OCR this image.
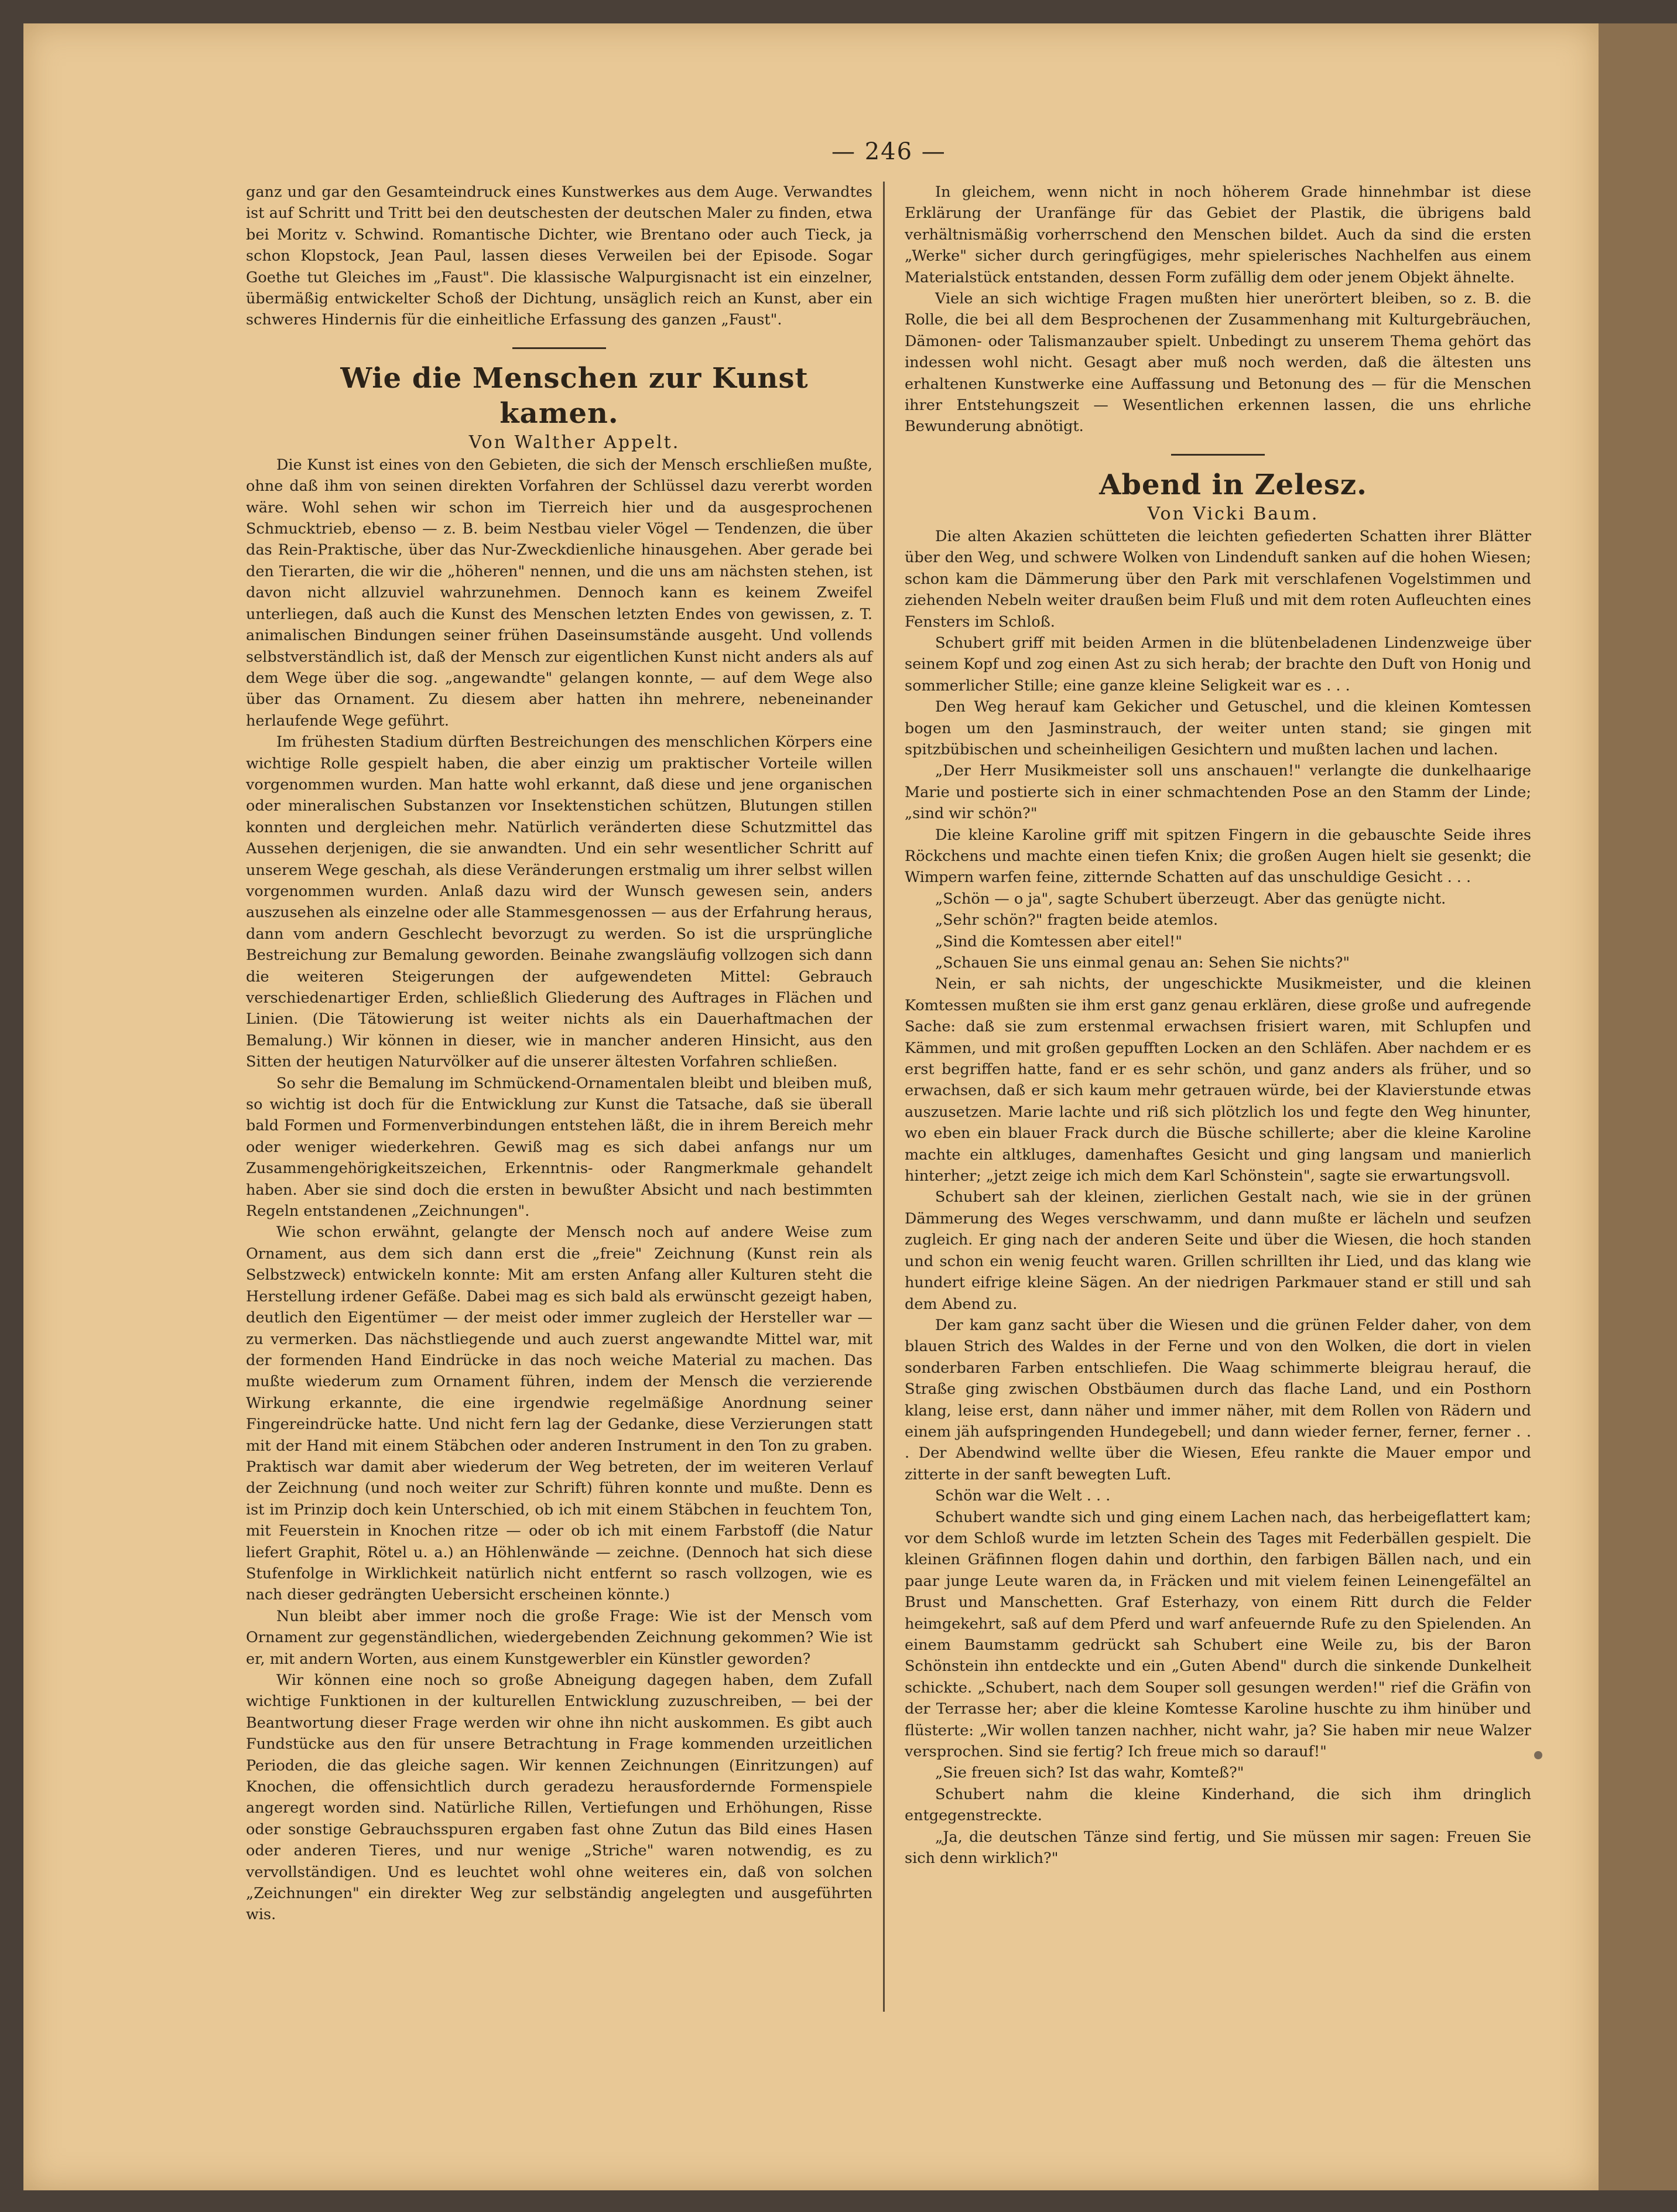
— 246 —

ganz und gar den Gesamteindruck eines Kunstwerkes aus dem Auge. Verwandtes ist auf Schritt und Tritt bei den deutschesten der deutschen Maler zu finden, etwa bei Moritz v. Schwind. Romantische Dichter, wie Brentano oder auch Tieck, ja schon Klopstock, Jean Paul, lassen dieses Verweilen bei der Episode. Sogar Goethe tut Gleiches im „Faust". Die klassische Walpurgisnacht ist ein einzelner, übermäßig entwickelter Schoß der Dichtung, unsäglich reich an Kunst, aber ein schweres Hindernis für die einheitliche Erfassung des ganzen „Faust".

Wie die Menschen zur Kunst kamen.

Von Walther Appelt.

Die Kunst ist eines von den Gebieten, die sich der Mensch erschließen mußte, ohne daß ihm von seinen direkten Vorfahren der Schlüssel dazu vererbt worden wäre. Wohl sehen wir schon im Tierreich hier und da ausgesprochenen Schmucktrieb, ebenso — z. B. beim Nestbau vieler Vögel — Tendenzen, die über das Rein-Praktische, über das Nur-Zweckdienliche hinausgehen. Aber gerade bei den Tierarten, die wir die „höheren" nennen, und die uns am nächsten stehen, ist davon nicht allzuviel wahrzunehmen. Dennoch kann es keinem Zweifel unterliegen, daß auch die Kunst des Menschen letzten Endes von gewissen, z. T. animalischen Bindungen seiner frühen Daseinsumstände ausgeht. Und vollends selbstverständlich ist, daß der Mensch zur eigentlichen Kunst nicht anders als auf dem Wege über die sog. „angewandte" gelangen konnte, — auf dem Wege also über das Ornament. Zu diesem aber hatten ihn mehrere, nebeneinander herlaufende Wege geführt.

Im frühesten Stadium dürften Bestreichungen des menschlichen Körpers eine wichtige Rolle gespielt haben, die aber einzig um praktischer Vorteile willen vorgenommen wurden. Man hatte wohl erkannt, daß diese und jene organischen oder mineralischen Substanzen vor Insektenstichen schützen, Blutungen stillen konnten und dergleichen mehr. Natürlich veränderten diese Schutzmittel das Aussehen derjenigen, die sie anwandten. Und ein sehr wesentlicher Schritt auf unserem Wege geschah, als diese Veränderungen erstmalig um ihrer selbst willen vorgenommen wurden. Anlaß dazu wird der Wunsch gewesen sein, anders auszusehen als einzelne oder alle Stammesgenossen — aus der Erfahrung heraus, dann vom andern Geschlecht bevorzugt zu werden. So ist die ursprüngliche Bestreichung zur Bemalung geworden. Beinahe zwangsläufig vollzogen sich dann die weiteren Steigerungen der aufgewendeten Mittel: Gebrauch verschiedenartiger Erden, schließlich Gliederung des Auftrages in Flächen und Linien. (Die Tätowierung ist weiter nichts als ein Dauerhaftmachen der Bemalung.) Wir können in dieser, wie in mancher anderen Hinsicht, aus den Sitten der heutigen Naturvölker auf die unserer ältesten Vorfahren schließen.

So sehr die Bemalung im Schmückend-Ornamentalen bleibt und bleiben muß, so wichtig ist doch für die Entwicklung zur Kunst die Tatsache, daß sie überall bald Formen und Formenverbindungen entstehen läßt, die in ihrem Bereich mehr oder weniger wiederkehren. Gewiß mag es sich dabei anfangs nur um Zusammengehörigkeitszeichen, Erkenntnis- oder Rangmerkmale gehandelt haben. Aber sie sind doch die ersten in bewußter Absicht und nach bestimmten Regeln entstandenen „Zeichnungen".

Wie schon erwähnt, gelangte der Mensch noch auf andere Weise zum Ornament, aus dem sich dann erst die „freie" Zeichnung (Kunst rein als Selbstzweck) entwickeln konnte: Mit am ersten Anfang aller Kulturen steht die Herstellung irdener Gefäße. Dabei mag es sich bald als erwünscht gezeigt haben, deutlich den Eigentümer — der meist oder immer zugleich der Hersteller war — zu vermerken. Das nächstliegende und auch zuerst angewandte Mittel war, mit der formenden Hand Eindrücke in das noch weiche Material zu machen. Das mußte wiederum zum Ornament führen, indem der Mensch die verzierende Wirkung erkannte, die eine irgendwie regelmäßige Anordnung seiner Fingereindrücke hatte. Und nicht fern lag der Gedanke, diese Verzierungen statt mit der Hand mit einem Stäbchen oder anderen Instrument in den Ton zu graben. Praktisch war damit aber wiederum der Weg betreten, der im weiteren Verlauf der Zeichnung (und noch weiter zur Schrift) führen konnte und mußte. Denn es ist im Prinzip doch kein Unterschied, ob ich mit einem Stäbchen in feuchtem Ton, mit Feuerstein in Knochen ritze — oder ob ich mit einem Farbstoff (die Natur liefert Graphit, Rötel u. a.) an Höhlenwände — zeichne. (Dennoch hat sich diese Stufenfolge in Wirklichkeit natürlich nicht entfernt so rasch vollzogen, wie es nach dieser gedrängten Uebersicht erscheinen könnte.)

Nun bleibt aber immer noch die große Frage: Wie ist der Mensch vom Ornament zur gegenständlichen, wiedergebenden Zeichnung gekommen? Wie ist er, mit andern Worten, aus einem Kunstgewerbler ein Künstler geworden?

Wir können eine noch so große Abneigung dagegen haben, dem Zufall wichtige Funktionen in der kulturellen Entwicklung zuzuschreiben, — bei der Beantwortung dieser Frage werden wir ohne ihn nicht auskommen. Es gibt auch Fundstücke aus den für unsere Betrachtung in Frage kommenden urzeitlichen Perioden, die das gleiche sagen. Wir kennen Zeichnungen (Einritzungen) auf Knochen, die offensichtlich durch geradezu herausfordernde Formenspiele angeregt worden sind. Natürliche Rillen, Vertiefungen und Erhöhungen, Risse oder sonstige Gebrauchsspuren ergaben fast ohne Zutun das Bild eines Hasen oder anderen Tieres, und nur wenige „Striche" waren notwendig, es zu vervollständigen. Und es leuchtet wohl ohne weiteres ein, daß von solchen „Zeichnungen" ein direkter Weg zur selbständig angelegten und ausgeführten wis.

In gleichem, wenn nicht in noch höherem Grade hinnehmbar ist diese Erklärung der Uranfänge für das Gebiet der Plastik, die übrigens bald verhältnismäßig vorherrschend den Menschen bildet. Auch da sind die ersten „Werke" sicher durch geringfügiges, mehr spielerisches Nachhelfen aus einem Materialstück entstanden, dessen Form zufällig dem oder jenem Objekt ähnelte.

Viele an sich wichtige Fragen mußten hier unerörtert bleiben, so z. B. die Rolle, die bei all dem Besprochenen der Zusammenhang mit Kulturgebräuchen, Dämonen- oder Talismanzauber spielt. Unbedingt zu unserem Thema gehört das indessen wohl nicht. Gesagt aber muß noch werden, daß die ältesten uns erhaltenen Kunstwerke eine Auffassung und Betonung des — für die Menschen ihrer Entstehungszeit — Wesentlichen erkennen lassen, die uns ehrliche Bewunderung abnötigt.

Abend in Zelesz.

Von Vicki Baum.

Die alten Akazien schütteten die leichten gefiederten Schatten ihrer Blätter über den Weg, und schwere Wolken von Lindenduft sanken auf die hohen Wiesen; schon kam die Dämmerung über den Park mit verschlafenen Vogelstimmen und ziehenden Nebeln weiter draußen beim Fluß und mit dem roten Aufleuchten eines Fensters im Schloß.

Schubert griff mit beiden Armen in die blütenbeladenen Lindenzweige über seinem Kopf und zog einen Ast zu sich herab; der brachte den Duft von Honig und sommerlicher Stille; eine ganze kleine Seligkeit war es . . .

Den Weg herauf kam Gekicher und Getuschel, und die kleinen Komtessen bogen um den Jasminstrauch, der weiter unten stand; sie gingen mit spitzbübischen und scheinheiligen Gesichtern und mußten lachen und lachen.

„Der Herr Musikmeister soll uns anschauen!" verlangte die dunkelhaarige Marie und postierte sich in einer schmachtenden Pose an den Stamm der Linde; „sind wir schön?"

Die kleine Karoline griff mit spitzen Fingern in die gebauschte Seide ihres Röckchens und machte einen tiefen Knix; die großen Augen hielt sie gesenkt; die Wimpern warfen feine, zitternde Schatten auf das unschuldige Gesicht . . .

„Schön — o ja", sagte Schubert überzeugt. Aber das genügte nicht.

„Sehr schön?" fragten beide atemlos.

„Sind die Komtessen aber eitel!"

„Schauen Sie uns einmal genau an: Sehen Sie nichts?"

Nein, er sah nichts, der ungeschickte Musikmeister, und die kleinen Komtessen mußten sie ihm erst ganz genau erklären, diese große und aufregende Sache: daß sie zum erstenmal erwachsen frisiert waren, mit Schlupfen und Kämmen, und mit großen gepufften Locken an den Schläfen. Aber nachdem er es erst begriffen hatte, fand er es sehr schön, und ganz anders als früher, und so erwachsen, daß er sich kaum mehr getrauen würde, bei der Klavierstunde etwas auszusetzen. Marie lachte und riß sich plötzlich los und fegte den Weg hinunter, wo eben ein blauer Frack durch die Büsche schillerte; aber die kleine Karoline machte ein altkluges, damenhaftes Gesicht und ging langsam und manierlich hinterher; „jetzt zeige ich mich dem Karl Schönstein", sagte sie erwartungsvoll.

Schubert sah der kleinen, zierlichen Gestalt nach, wie sie in der grünen Dämmerung des Weges verschwamm, und dann mußte er lächeln und seufzen zugleich. Er ging nach der anderen Seite und über die Wiesen, die hoch standen und schon ein wenig feucht waren. Grillen schrillten ihr Lied, und das klang wie hundert eifrige kleine Sägen. An der niedrigen Parkmauer stand er still und sah dem Abend zu.

Der kam ganz sacht über die Wiesen und die grünen Felder daher, von dem blauen Strich des Waldes in der Ferne und von den Wolken, die dort in vielen sonderbaren Farben entschliefen. Die Waag schimmerte bleigrau herauf, die Straße ging zwischen Obstbäumen durch das flache Land, und ein Posthorn klang, leise erst, dann näher und immer näher, mit dem Rollen von Rädern und einem jäh aufspringenden Hundegebell; und dann wieder ferner, ferner, ferner . . . Der Abendwind wellte über die Wiesen, Efeu rankte die Mauer empor und zitterte in der sanft bewegten Luft.

Schön war die Welt . . .

Schubert wandte sich und ging einem Lachen nach, das herbeigeflattert kam; vor dem Schloß wurde im letzten Schein des Tages mit Federbällen gespielt. Die kleinen Gräfinnen flogen dahin und dorthin, den farbigen Bällen nach, und ein paar junge Leute waren da, in Fräcken und mit vielem feinen Leinengefältel an Brust und Manschetten. Graf Esterhazy, von einem Ritt durch die Felder heimgekehrt, saß auf dem Pferd und warf anfeuernde Rufe zu den Spielenden. An einem Baumstamm gedrückt sah Schubert eine Weile zu, bis der Baron Schönstein ihn entdeckte und ein „Guten Abend" durch die sinkende Dunkelheit schickte. „Schubert, nach dem Souper soll gesungen werden!" rief die Gräfin von der Terrasse her; aber die kleine Komtesse Karoline huschte zu ihm hinüber und flüsterte: „Wir wollen tanzen nachher, nicht wahr, ja? Sie haben mir neue Walzer versprochen. Sind sie fertig? Ich freue mich so darauf!"

„Sie freuen sich? Ist das wahr, Komteß?"

Schubert nahm die kleine Kinderhand, die sich ihm dringlich entgegenstreckte.

„Ja, die deutschen Tänze sind fertig, und Sie müssen mir sagen: Freuen Sie sich denn wirklich?"
